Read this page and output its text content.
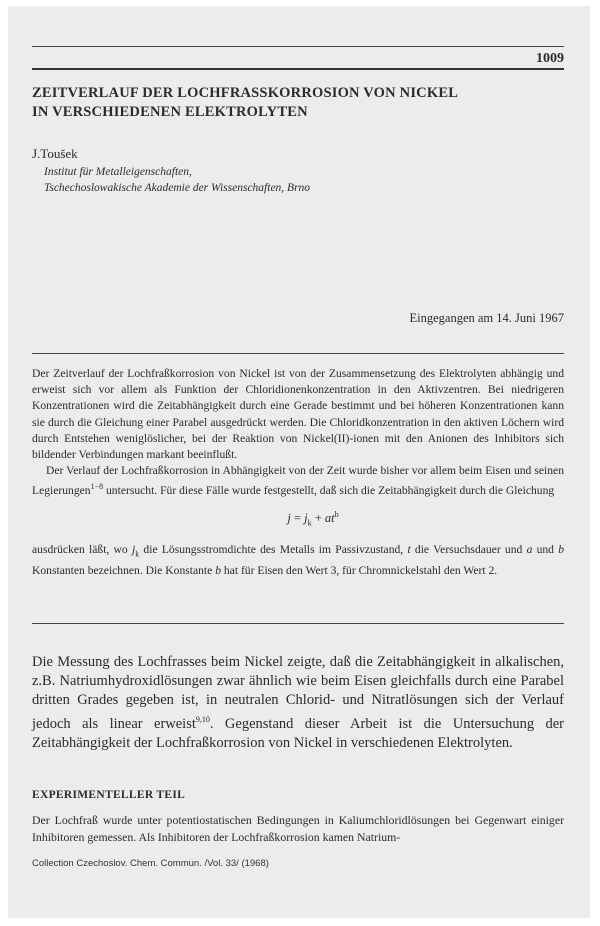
1009
ZEITVERLAUF DER LOCHFRASSKORROSION VON NICKEL
IN VERSCHIEDENEN ELEKTROLYTEN
J.Toušek
Institut für Metalleigenschaften,
Tschechoslowakische Akademie der Wissenschaften, Brno
Eingegangen am 14. Juni 1967

Der Zeitverlauf der Lochfraßkorrosion von Nickel ist von der Zusammensetzung des Elektrolyten abhängig und erweist sich vor allem als Funktion der Chloridionenkonzentration in den Aktivzentren. Bei niedrigeren Konzentrationen wird die Zeitabhängigkeit durch eine Gerade bestimmt und bei höheren Konzentrationen kann sie durch die Gleichung einer Parabel ausgedrückt werden. Die Chloridkonzentration in den aktiven Löchern wird durch Entstehen weniglöslicher, bei der Reaktion von Nickel(II)-ionen mit den Anionen des Inhibitors sich bildender Verbindungen markant beeinflußt.

Der Verlauf der Lochfraßkorrosion in Abhängigkeit von der Zeit wurde bisher vor allem beim Eisen und seinen Legierungen$^{1-8}$ untersucht. Für diese Fälle wurde festgestellt, daß sich die Zeitabhängigkeit durch die Gleichung

$j = j_k + at^b$

ausdrücken läßt, wo $j_k$ die Lösungsstromdichte des Metalls im Passivzustand, t die Versuchsdauer und a und b Konstanten bezeichnen. Die Konstante b hat für Eisen den Wert 3, für Chromnickelstahl den Wert 2.

Die Messung des Lochfrasses beim Nickel zeigte, daß die Zeitabhängigkeit in alkalischen, z.B. Natriumhydroxidlösungen zwar ähnlich wie beim Eisen gleichfalls durch eine Parabel dritten Grades gegeben ist, in neutralen Chlorid- und Nitratlösungen sich der Verlauf jedoch als linear erweist$^{9,10}$. Gegenstand dieser Arbeit ist die Untersuchung der Zeitabhängigkeit der Lochfraßkorrosion von Nickel in verschiedenen Elektrolyten.

EXPERIMENTELLER TEIL

Der Lochfraß wurde unter potentiostatischen Bedingungen in Kaliumchloridlösungen bei Gegenwart einiger Inhibitoren gemessen. Als Inhibitoren der Lochfraßkorrosion kamen Natrium-

Collection Czechoslov. Chem. Commun. /Vol. 33/ (1968)
